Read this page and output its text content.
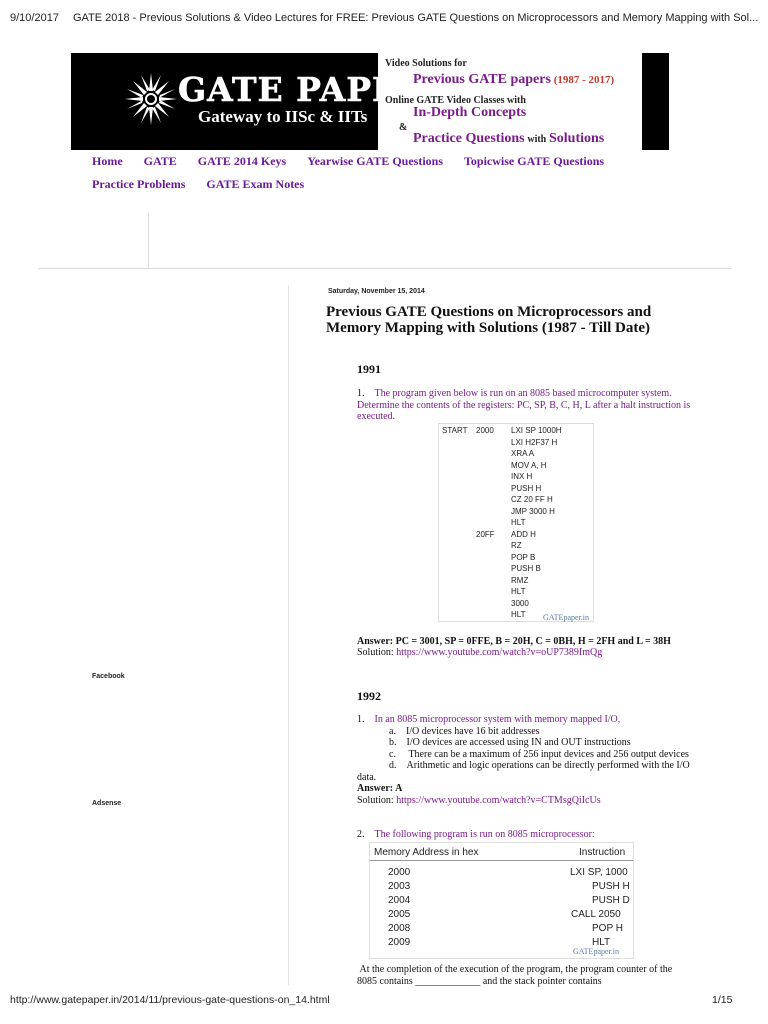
9/10/2017 GATE 2018 - Previous Solutions & Video Lectures for FREE: Previous GATE Questions on Microprocessors and Memory Mapping with Sol...
http://www.gatepaper.in/2014/11/previous-gate-questions-on_14.html	1/15
GATE PAPER
Gateway to IISc & IITs
Video Solutions for
Previous GATE papers (1987 - 2017)
Online GATE Video Classes with
In-Depth Concepts
&
Practice Questions with Solutions
Home GATE GATE 2014 Keys Yearwise GATE Questions Topicwise GATE Questions
Practice Problems GATE Exam Notes
Facebook
Adsense
Saturday, November 15, 2014
Previous GATE Questions on Microprocessors and Memory Mapping with Solutions (1987 - Till Date)
1991
1. The program given below is run on an 8085 based microcomputer system. Determine the contents of the registers: PC, SP, B, C, H, L after a halt instruction is executed.
START 2000 LXI SP 1000H
LXI H2F37 H
XRA A
MOV A, H
INX H
PUSH H
CZ 20 FF H
JMP 3000 H
HLT
20FF ADD H
RZ
POP B
PUSH B
RMZ
HLT
3000
HLT GATEpaper.in
Answer: PC = 3001, SP = 0FFE, B = 20H, C = 0BH, H = 2FH and L = 38H
Solution: https://www.youtube.com/watch?v=oUP7389ImQg
1992
1. In an 8085 microprocessor system with memory mapped I/O,
a. I/O devices have 16 bit addresses
b. I/O devices are accessed using IN and OUT instructions
c. There can be a maximum of 256 input devices and 256 output devices
d. Arithmetic and logic operations can be directly performed with the I/O data.
Answer: A
Solution: https://www.youtube.com/watch?v=CTMsgQiIcUs
2. The following program is run on 8085 microprocessor:
Memory Address in hex	Instruction
2000	LXI SP, 1000
2003	PUSH H
2004	PUSH D
2005	CALL 2050
2008	POP H
2009	HLT
GATEpaper.in
At the completion of the execution of the program, the program counter of the 8085 contains _____________ and the stack pointer contains
